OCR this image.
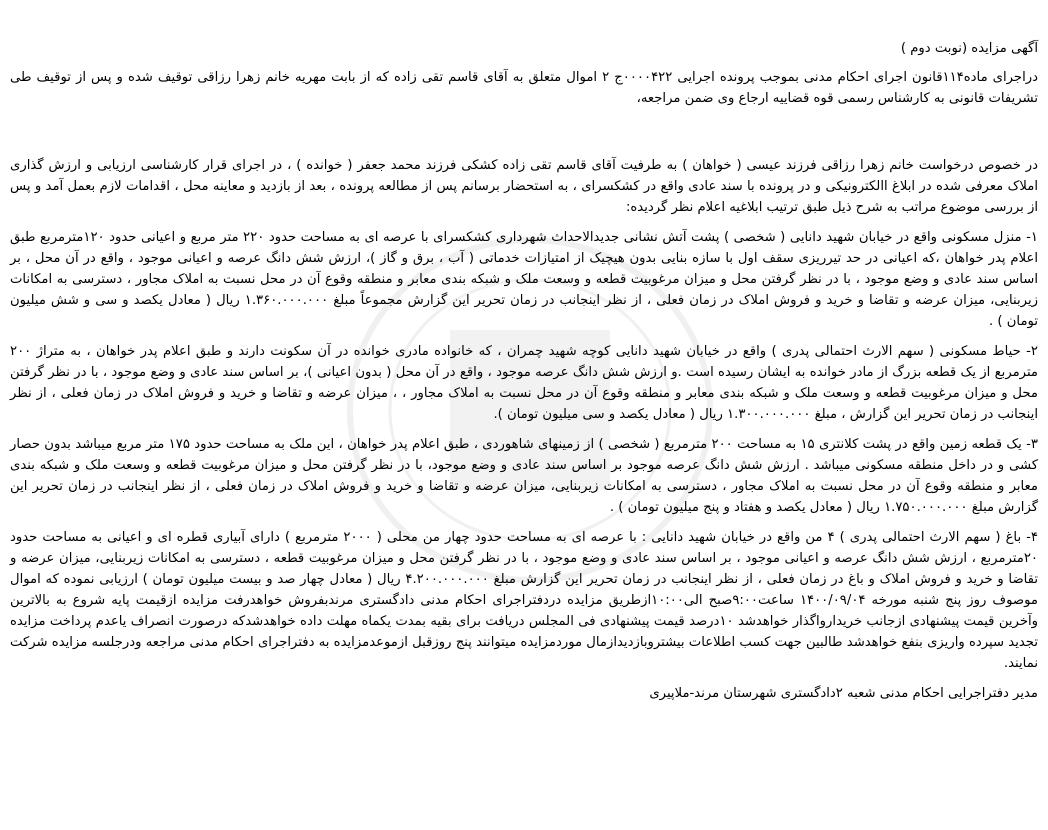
آگهی مزایده (نوبت دوم )

دراجرای ماده۱۱۴قانون اجرای احکام مدنی بموجب پرونده اجرایی ۰۰۰۰۴۲۲ج ۲ اموال متعلق به آقای قاسم تقی زاده که از بابت مهریه خانم زهرا رزاقی توقیف شده و پس از توقیف طی تشریفات قانونی به کارشناس رسمی قوه قضاییه ارجاع وی ضمن مراجعه،

در خصوص درخواست خانم زهرا رزاقی فرزند عیسی ( خواهان ) به طرفیت آقای قاسم تقی زاده کشکی فرزند محمد جعفر ( خوانده ) ، در اجرای قرار کارشناسی ارزیابی و ارزش گذاری املاک معرفی شده در ابلاغ االکترونیکی و در پرونده با سند عادی واقع در کشکسرای ، به استحضار برسانم پس از مطالعه پرونده ، بعد از بازدید و معاینه محل ، اقدامات لازم بعمل آمد و پس از بررسی موضوع مراتب به شرح ذیل طبق ترتیب ابلاغیه اعلام نظر گردیده:

۱- منزل مسکونی واقع در خیابان شهید دانایی ( شخصی ) پشت آتش نشانی جدیدالاحداث شهرداری کشکسرای با عرصه ای به مساحت حدود ۲۲۰ متر مربع و اعیانی حدود ۱۲۰مترمربع طبق اعلام پدر خواهان ،که اعیانی در حد تیرریزی سقف اول با سازه بنایی بدون هیچیک از امتیازات خدماتی ( آب ، برق و گاز )، ارزش شش دانگ عرصه و اعیانی موجود ، واقع در آن محل ، بر اساس سند عادی و وضع موجود ، با در نظر گرفتن محل و میزان مرغوبیت قطعه و وسعت ملک و شبکه بندی معابر و منطقه وقوع آن در محل نسبت به املاک مجاور ، دسترسی به امکانات زیربنایی، میزان عرضه و تقاضا و خرید و فروش املاک در زمان فعلی ، از نظر اینجانب در زمان تحریر این گزارش مجموعاً مبلغ ۱.۳۶۰.۰۰۰.۰۰۰ ریال ( معادل یکصد و سی و شش میلیون تومان ) .

۲- حیاط مسکونی ( سهم الارث احتمالی پدری ) واقع در خیابان شهید دانایی کوچه شهید چمران ، که خانواده مادری خوانده در آن سکونت دارند و طبق اعلام پدر خواهان ، به متراژ ۲۰۰ مترمربع از یک قطعه بزرگ از مادر خوانده به ایشان رسیده است .و ارزش شش دانگ عرصه موجود ، واقع در آن محل ( بدون اعیانی )، بر اساس سند عادی و وضع موجود ، با در نظر گرفتن محل و میزان مرغوبیت قطعه و وسعت ملک و شبکه بندی معابر و منطقه وقوع آن در محل نسبت به املاک مجاور ، ، میزان عرضه و تقاضا و خرید و فروش املاک در زمان فعلی ، از نظر اینجانب در زمان تحریر این گزارش ، مبلغ ۱.۳۰۰.۰۰۰.۰۰۰ ریال ( معادل یکصد و سی میلیون تومان ).

۳- یک قطعه زمین واقع در پشت کلانتری ۱۵ به مساحت ۲۰۰ مترمربع ( شخصی ) از زمینهای شاهوردی ، طبق اعلام پدر خواهان ، این ملک به مساحت حدود ۱۷۵ متر مربع میباشد بدون حصار کشی و در داخل منطقه مسکونی میباشد . ارزش شش دانگ عرصه موجود بر اساس سند عادی و وضع موجود، با در نظر گرفتن محل و میزان مرغوبیت قطعه و وسعت ملک و شبکه بندی معابر و منطقه وقوع آن در محل نسبت به املاک مجاور ، دسترسی به امکانات زیربنایی، میزان عرضه و تقاضا و خرید و فروش املاک در زمان فعلی ، از نظر اینجانب در زمان تحریر این گزارش مبلغ ۱.۷۵۰.۰۰۰.۰۰۰ ریال ( معادل یکصد و هفتاد و پنج میلیون تومان ) .

۴- باغ ( سهم الارث احتمالی پدری ) ۴ من واقع در خیابان شهید دانایی : با عرصه ای به مساحت حدود چهار من محلی ( ۲۰۰۰ مترمربع ) دارای آبیاری قطره ای و اعیانی به مساحت حدود ۲۰مترمربع ، ارزش شش دانگ عرصه و اعیانی موجود ، بر اساس سند عادی و وضع موجود ، با در نظر گرفتن محل و میزان مرغوبیت قطعه ، دسترسی به امکانات زیربنایی، میزان عرضه و تقاضا و خرید و فروش املاک و باغ در زمان فعلی ، از نظر اینجانب در زمان تحریر این گزارش مبلغ ۴.۲۰۰.۰۰۰.۰۰۰ ریال ( معادل چهار صد و بیست میلیون تومان ) ارزیابی نموده که اموال موصوف روز پنج شنبه مورخه ۱۴۰۰/۰۹/۰۴ ساعت۹:۰۰صبح الی۱۰:۰۰ازطریق مزایده دردفتراجرای احکام مدنی دادگستری مرندبفروش خواهدرفت مزایده ازقیمت پایه شروع به بالاترین وآخرین قیمت پیشنهادی ازجانب خریدارواگذار خواهدشد ۱۰درصد قیمت پیشنهادی فی المجلس دریافت برای بقیه بمدت یکماه مهلت داده خواهدشدکه درصورت انصراف یاعدم پرداخت مزایده تجدید سپرده واریزی بنفع خواهدشد طالبین جهت کسب اطلاعات بیشتروبازدیدازمال موردمزایده میتوانند پنج روزقبل ازموعدمزایده به دفتراجرای احکام مدنی مراجعه ودرجلسه مزایده شرکت نمایند.

مدیر دفتراجرایی احکام مدنی شعبه ۲دادگستری شهرستان مرند-ملاپیری
